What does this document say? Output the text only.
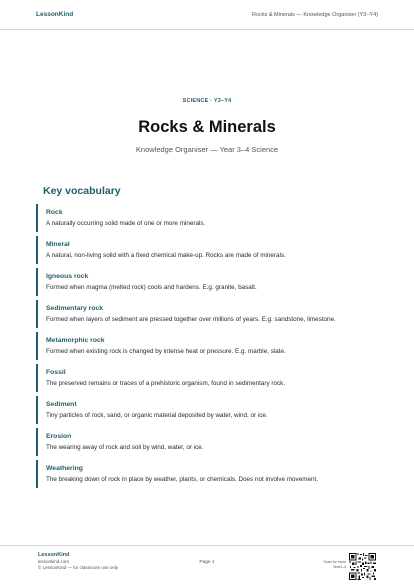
LessonKind	Rocks & Minerals — Knowledge Organiser (Y3–Y4)
SCIENCE · Y3–Y4
Rocks & Minerals
Knowledge Organiser — Year 3–4 Science
Key vocabulary
Rock
A naturally occurring solid made of one or more minerals.
Mineral
A natural, non-living solid with a fixed chemical make-up. Rocks are made of minerals.
Igneous rock
Formed when magma (melted rock) cools and hardens. E.g. granite, basalt.
Sedimentary rock
Formed when layers of sediment are pressed together over millions of years. E.g. sandstone, limestone.
Metamorphic rock
Formed when existing rock is changed by intense heat or pressure. E.g. marble, slate.
Fossil
The preserved remains or traces of a prehistoric organism, found in sedimentary rock.
Sediment
Tiny particles of rock, sand, or organic material deposited by water, wind, or ice.
Erosion
The wearing away of rock and soil by wind, water, or ice.
Weathering
The breaking down of rock in place by weather, plants, or chemicals. Does not involve movement.
LessonKind
lessonkind.com
© LessonKind — for classroom use only
Page 1	Scan for more Year3–4
